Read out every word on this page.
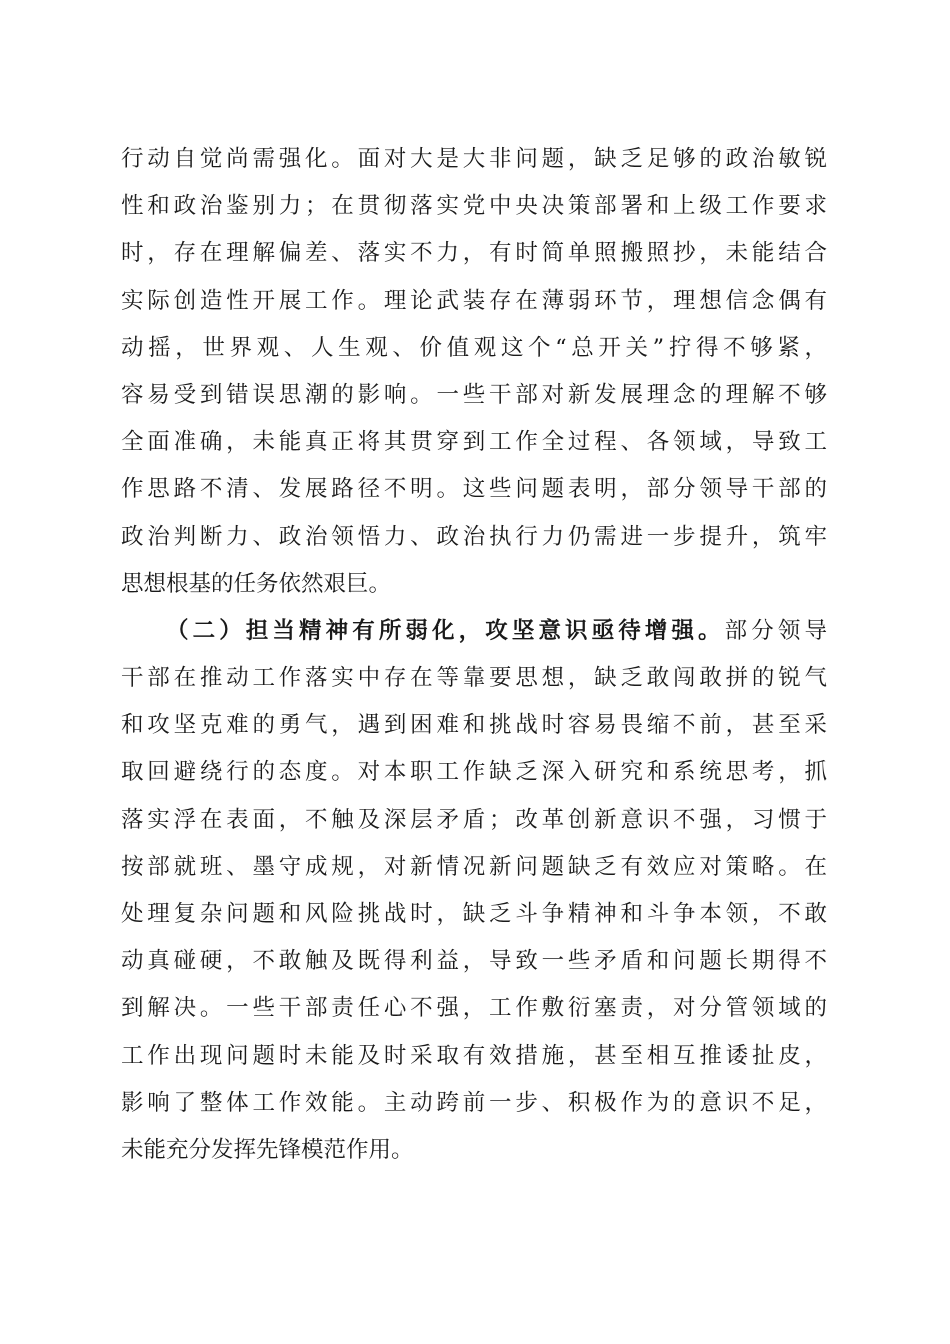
行动自觉尚需强化。面对大是大非问题，缺乏足够的政治敏锐
性和政治鉴别力；在贯彻落实党中央决策部署和上级工作要求
时，存在理解偏差、落实不力，有时简单照搬照抄，未能结合
实际创造性开展工作。理论武装存在薄弱环节，理想信念偶有
动摇，世界观、人生观、价值观这个“总开关”拧得不够紧，
容易受到错误思潮的影响。一些干部对新发展理念的理解不够
全面准确，未能真正将其贯穿到工作全过程、各领域，导致工
作思路不清、发展路径不明。这些问题表明，部分领导干部的
政治判断力、政治领悟力、政治执行力仍需进一步提升，筑牢
思想根基的任务依然艰巨。
（二）担当精神有所弱化，攻坚意识亟待增强。部分领导
干部在推动工作落实中存在等靠要思想，缺乏敢闯敢拼的锐气
和攻坚克难的勇气，遇到困难和挑战时容易畏缩不前，甚至采
取回避绕行的态度。对本职工作缺乏深入研究和系统思考，抓
落实浮在表面，不触及深层矛盾；改革创新意识不强，习惯于
按部就班、墨守成规，对新情况新问题缺乏有效应对策略。在
处理复杂问题和风险挑战时，缺乏斗争精神和斗争本领，不敢
动真碰硬，不敢触及既得利益，导致一些矛盾和问题长期得不
到解决。一些干部责任心不强，工作敷衍塞责，对分管领域的
工作出现问题时未能及时采取有效措施，甚至相互推诿扯皮，
影响了整体工作效能。主动跨前一步、积极作为的意识不足，
未能充分发挥先锋模范作用。
